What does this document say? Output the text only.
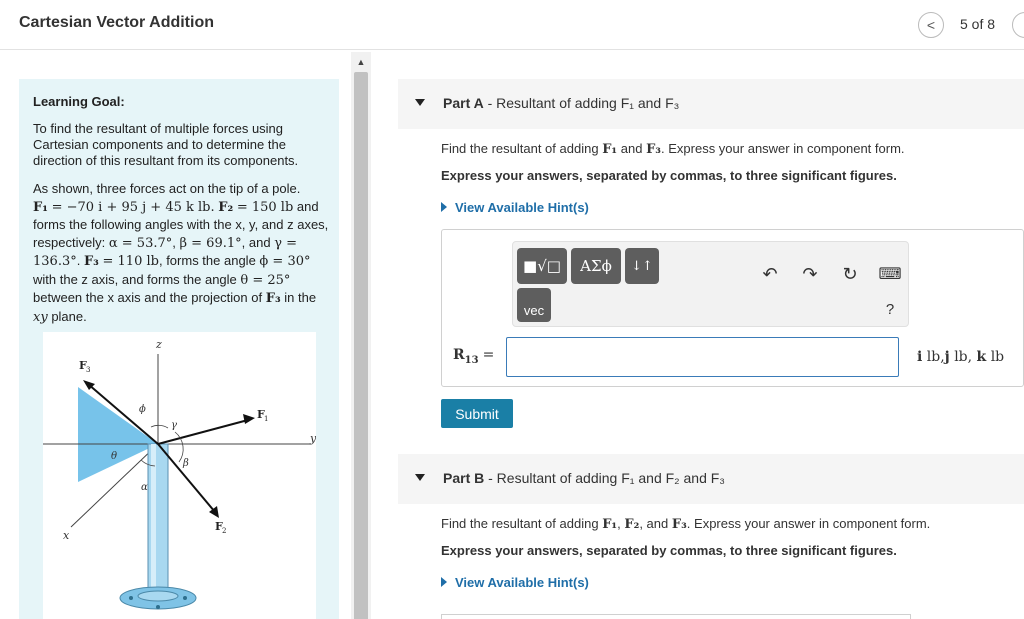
Cartesian Vector Addition	< 5 of 8
Learning Goal:
To find the resultant of multiple forces using Cartesian components and to determine the direction of this resultant from its components.
As shown, three forces act on the tip of a pole.
F₁ = −70 i + 95 j + 45 k lb. F₂ = 150 lb and forms the following angles with the x, y, and z axes, respectively: α = 53.7°, β = 69.1°, and γ = 136.3°. F₃ = 110 lb, forms the angle ϕ = 30° with the z axis, and forms the angle θ = 25° between the x axis and the projection of F₃ in the xy plane.
z
y
x
F 3
F 1
F 2
ϕ
γ
β
θ
α
▲
Part A - Resultant of adding F₁ and F₃
Find the resultant of adding F₁ and F₃. Express your answer in component form.
Express your answers, separated by commas, to three significant figures.
View Available Hint(s)
■√□	ΑΣϕ	↓↑
vec
↶ ↷ ↻ ⌨
?
$R_{13}$ =	i lb,j lb, k lb
Submit
Part B - Resultant of adding F₁ and F₂ and F₃
Find the resultant of adding F₁, F₂, and F₃. Express your answer in component form.
Express your answers, separated by commas, to three significant figures.
View Available Hint(s)
